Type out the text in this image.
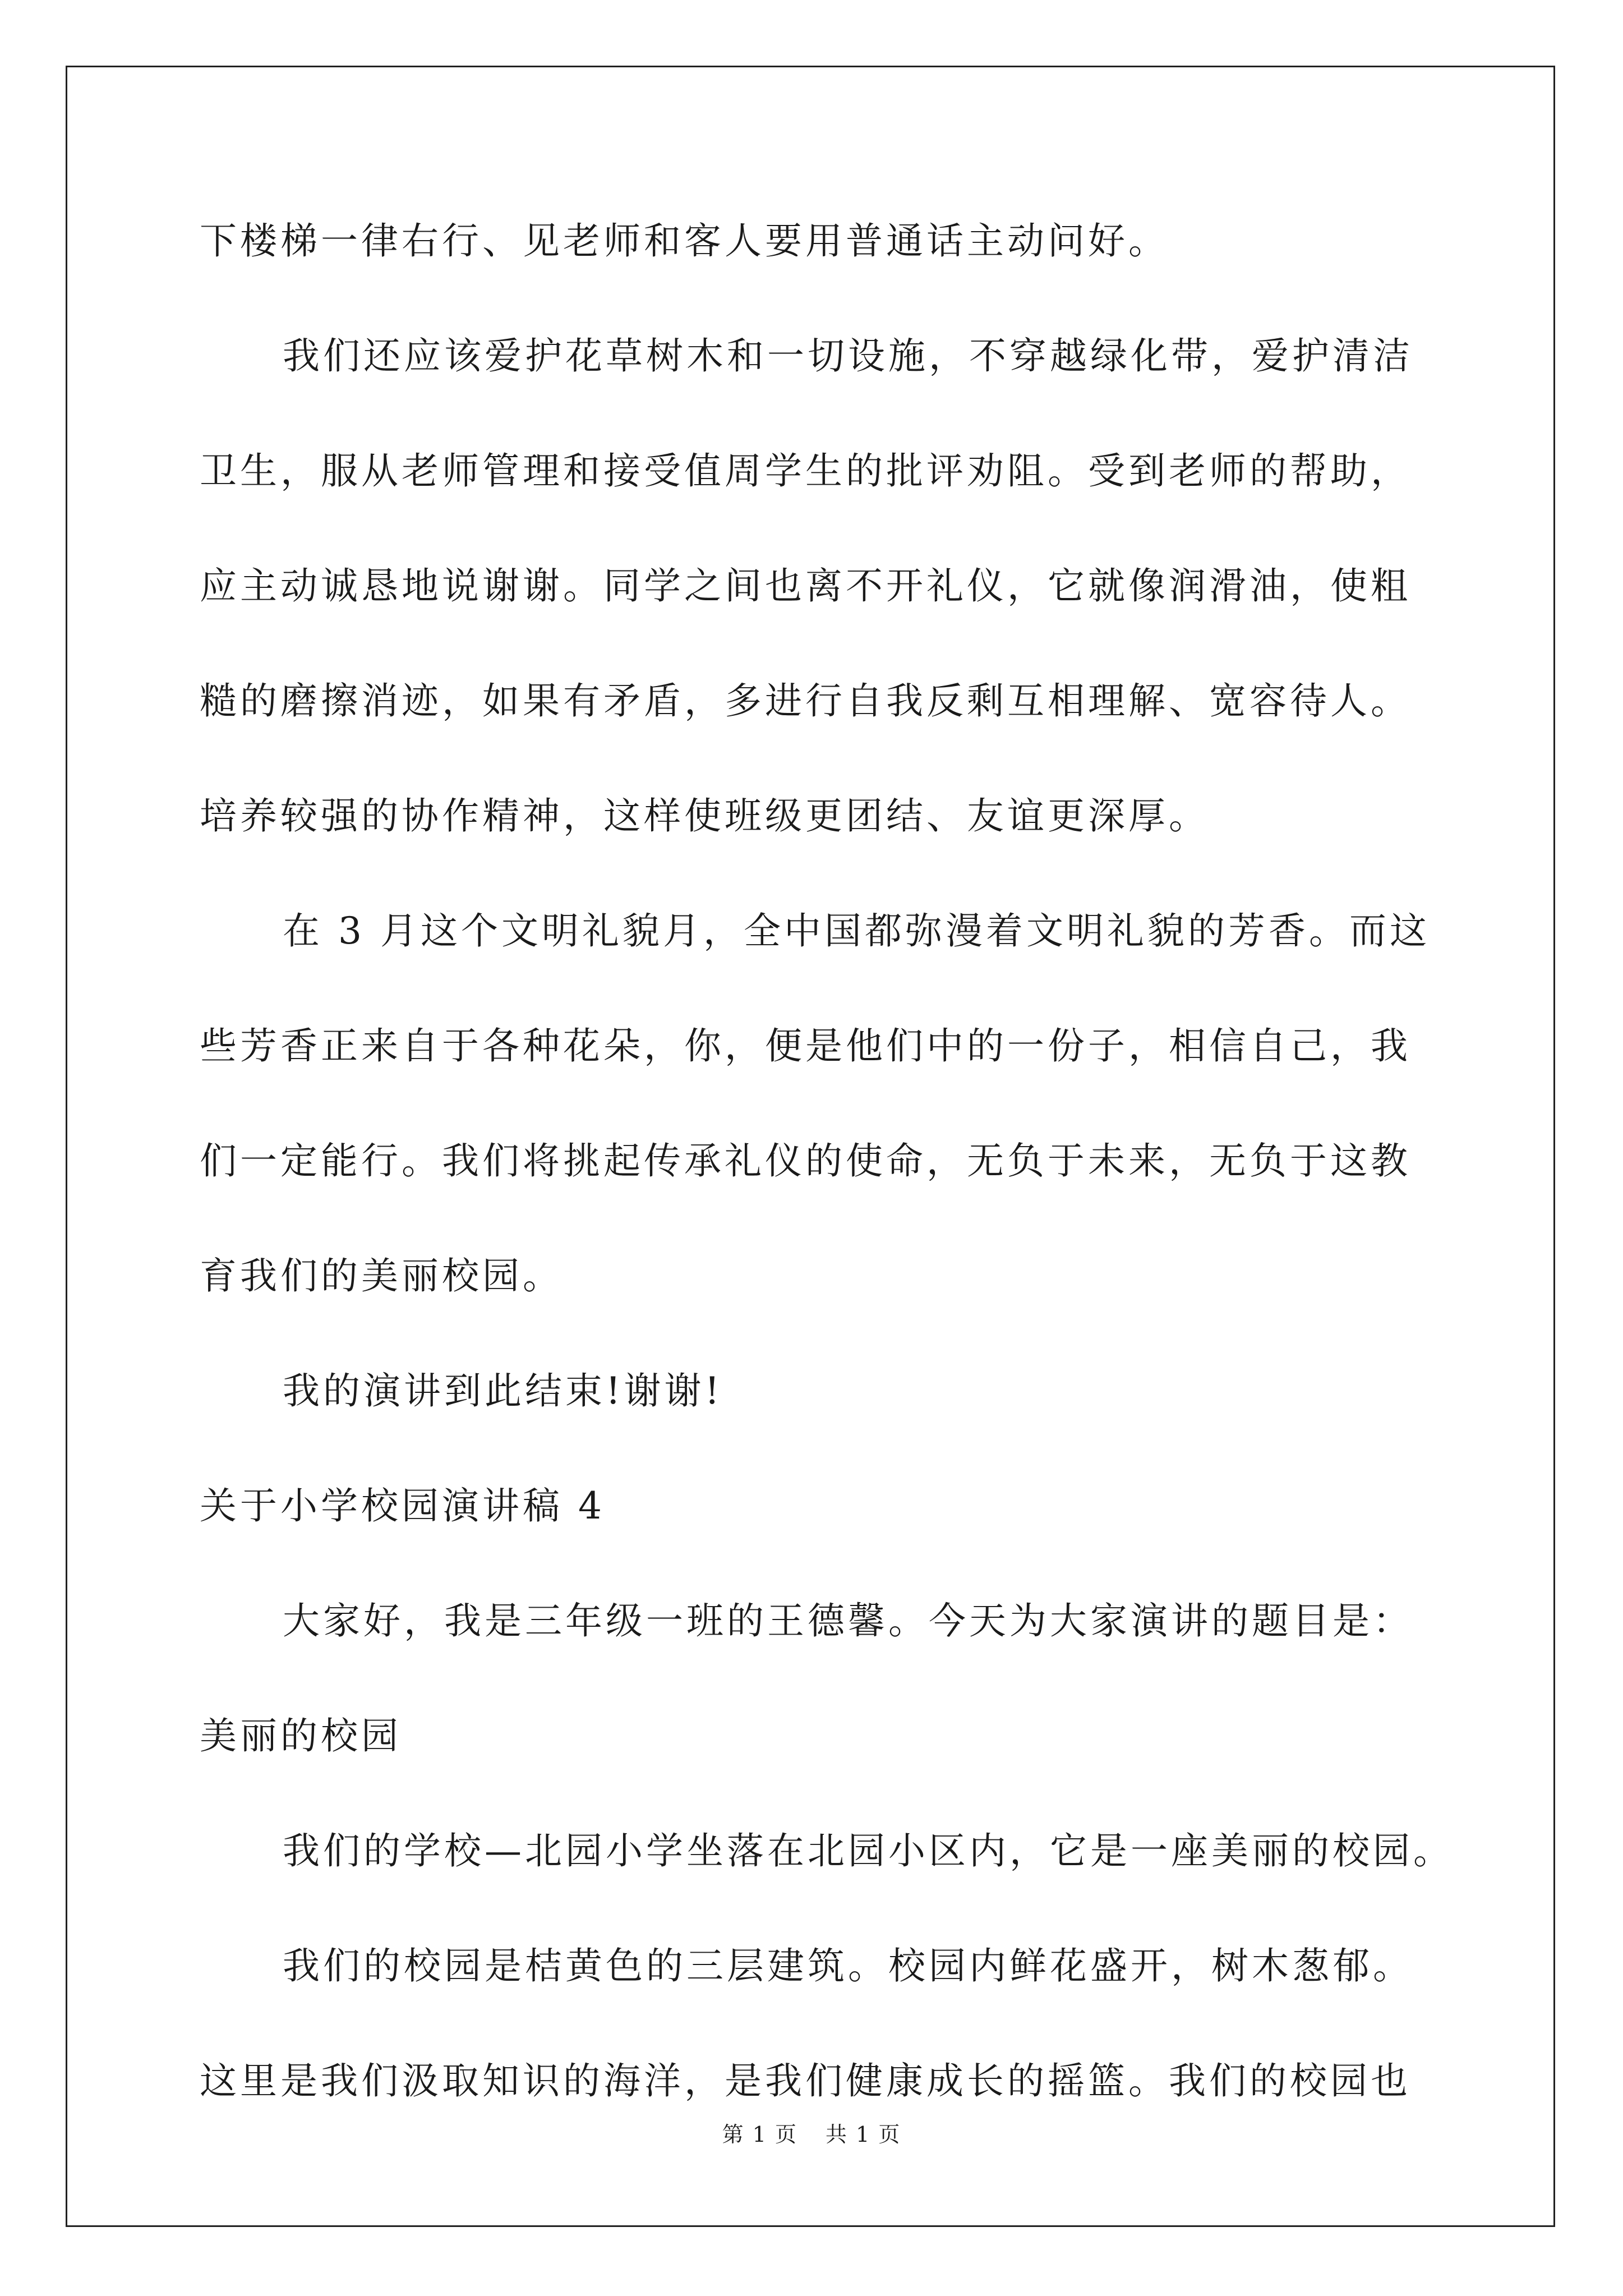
下楼梯一律右行、见老师和客人要用普通话主动问好。
我们还应该爱护花草树木和一切设施，不穿越绿化带，爱护清洁
卫生，服从老师管理和接受值周学生的批评劝阻。受到老师的帮助，
应主动诚恳地说谢谢。同学之间也离不开礼仪，它就像润滑油，使粗
糙的磨擦消迹，如果有矛盾，多进行自我反剩互相理解、宽容待人。
培养较强的协作精神，这样使班级更团结、友谊更深厚。
在 3 月这个文明礼貌月，全中国都弥漫着文明礼貌的芳香。而这
些芳香正来自于各种花朵，你，便是他们中的一份子，相信自己，我
们一定能行。我们将挑起传承礼仪的使命，无负于未来，无负于这教
育我们的美丽校园。
我的演讲到此结束!谢谢!
关于小学校园演讲稿 4
大家好，我是三年级一班的王德馨。今天为大家演讲的题目是：
美丽的校园
我们的学校—北园小学坐落在北园小区内，它是一座美丽的校园。
我们的校园是桔黄色的三层建筑。校园内鲜花盛开，树木葱郁。
这里是我们汲取知识的海洋，是我们健康成长的摇篮。我们的校园也
第 1 页 共 1 页
